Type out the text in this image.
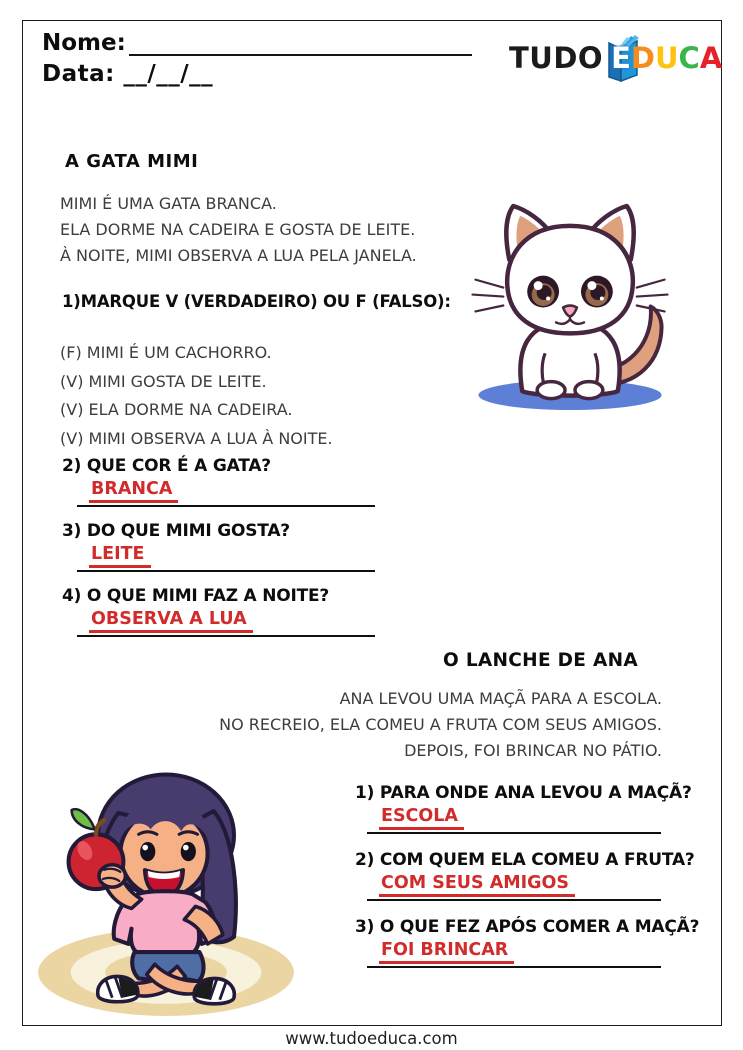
Nome:
Data: __/__/__	TUDO E D U C A
A GATA MIMI
MIMI É UMA GATA BRANCA.
ELA DORME NA CADEIRA E GOSTA DE LEITE.
À NOITE, MIMI OBSERVA A LUA PELA JANELA.
1)MARQUE V (VERDADEIRO) OU F (FALSO):
(F) MIMI É UM CACHORRO.
(V) MIMI GOSTA DE LEITE.
(V) ELA DORME NA CADEIRA.
(V) MIMI OBSERVA A LUA À NOITE.
2) QUE COR É A GATA?
BRANCA
3) DO QUE MIMI GOSTA?
LEITE
4) O QUE MIMI FAZ A NOITE?
OBSERVA A LUA
O LANCHE DE ANA
ANA LEVOU UMA MAÇÃ PARA A ESCOLA.
NO RECREIO, ELA COMEU A FRUTA COM SEUS AMIGOS.
DEPOIS, FOI BRINCAR NO PÁTIO.
1) PARA ONDE ANA LEVOU A MAÇÃ?
ESCOLA
2) COM QUEM ELA COMEU A FRUTA?
COM SEUS AMIGOS
3) O QUE FEZ APÓS COMER A MAÇÃ?
FOI BRINCAR
www.tudoeduca.com
